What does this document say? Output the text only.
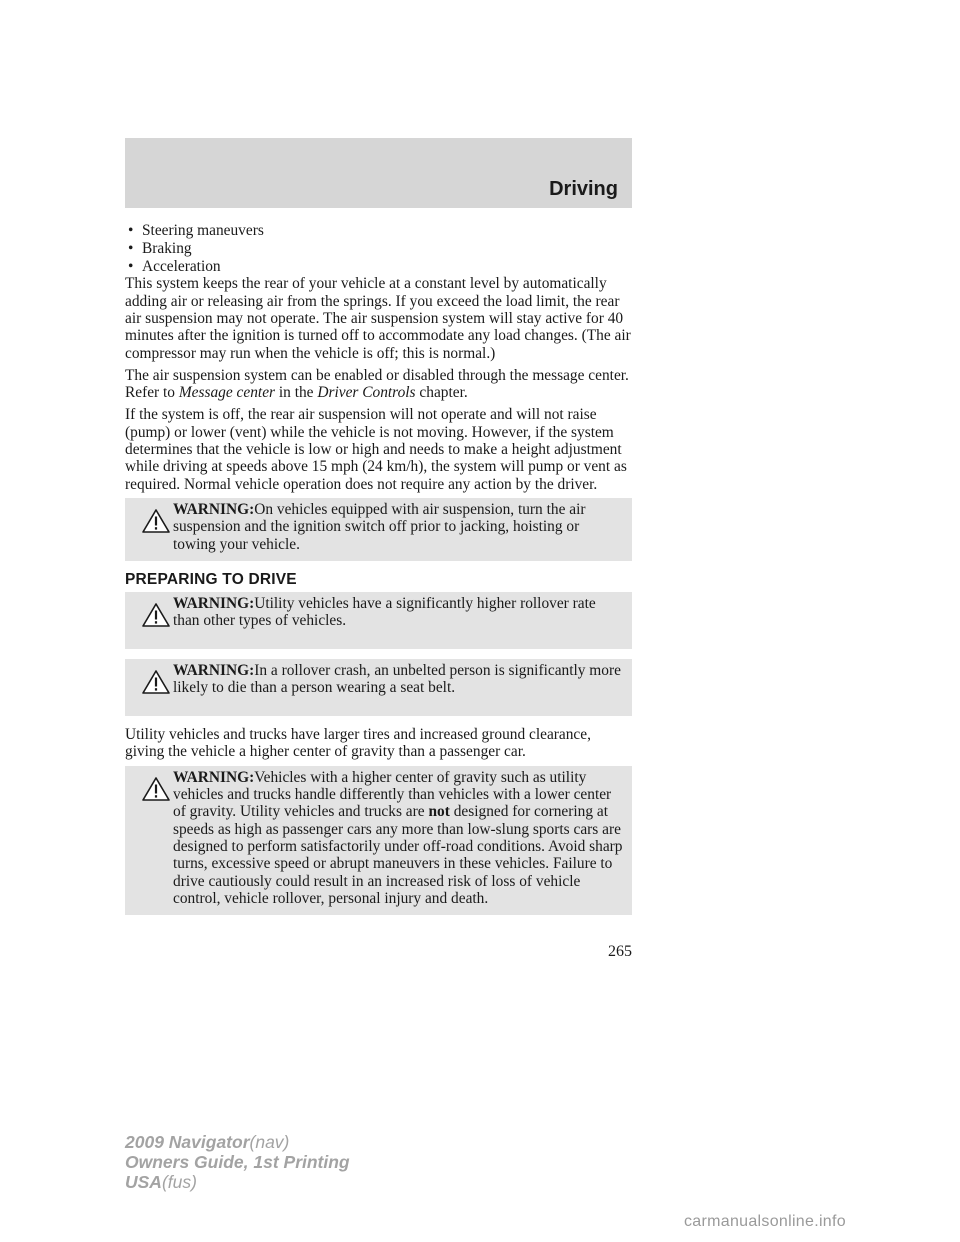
Driving
• Steering maneuvers
• Braking
• Acceleration

This system keeps the rear of your vehicle at a constant level by automatically adding air or releasing air from the springs. If you exceed the load limit, the rear air suspension may not operate. The air suspension system will stay active for 40 minutes after the ignition is turned off to accommodate any load changes. (The air compressor may run when the vehicle is off; this is normal.)

The air suspension system can be enabled or disabled through the message center. Refer to Message center in the Driver Controls chapter.

If the system is off, the rear air suspension will not operate and will not raise (pump) or lower (vent) while the vehicle is not moving. However, if the system determines that the vehicle is low or high and needs to make a height adjustment while driving at speeds above 15 mph (24 km/h), the system will pump or vent as required. Normal vehicle operation does not require any action by the driver.

WARNING:On vehicles equipped with air suspension, turn the air suspension and the ignition switch off prior to jacking, hoisting or towing your vehicle.

PREPARING TO DRIVE

WARNING:Utility vehicles have a significantly higher rollover rate than other types of vehicles.

WARNING:In a rollover crash, an unbelted person is significantly more likely to die than a person wearing a seat belt.

Utility vehicles and trucks have larger tires and increased ground clearance, giving the vehicle a higher center of gravity than a passenger car.

WARNING:Vehicles with a higher center of gravity such as utility vehicles and trucks handle differently than vehicles with a lower center of gravity. Utility vehicles and trucks are not designed for cornering at speeds as high as passenger cars any more than low-slung sports cars are designed to perform satisfactorily under off-road conditions. Avoid sharp turns, excessive speed or abrupt maneuvers in these vehicles. Failure to drive cautiously could result in an increased risk of loss of vehicle control, vehicle rollover, personal injury and death.

265

2009 Navigator(nav)
Owners Guide, 1st Printing
USA(fus)
carmanualsonline.info
